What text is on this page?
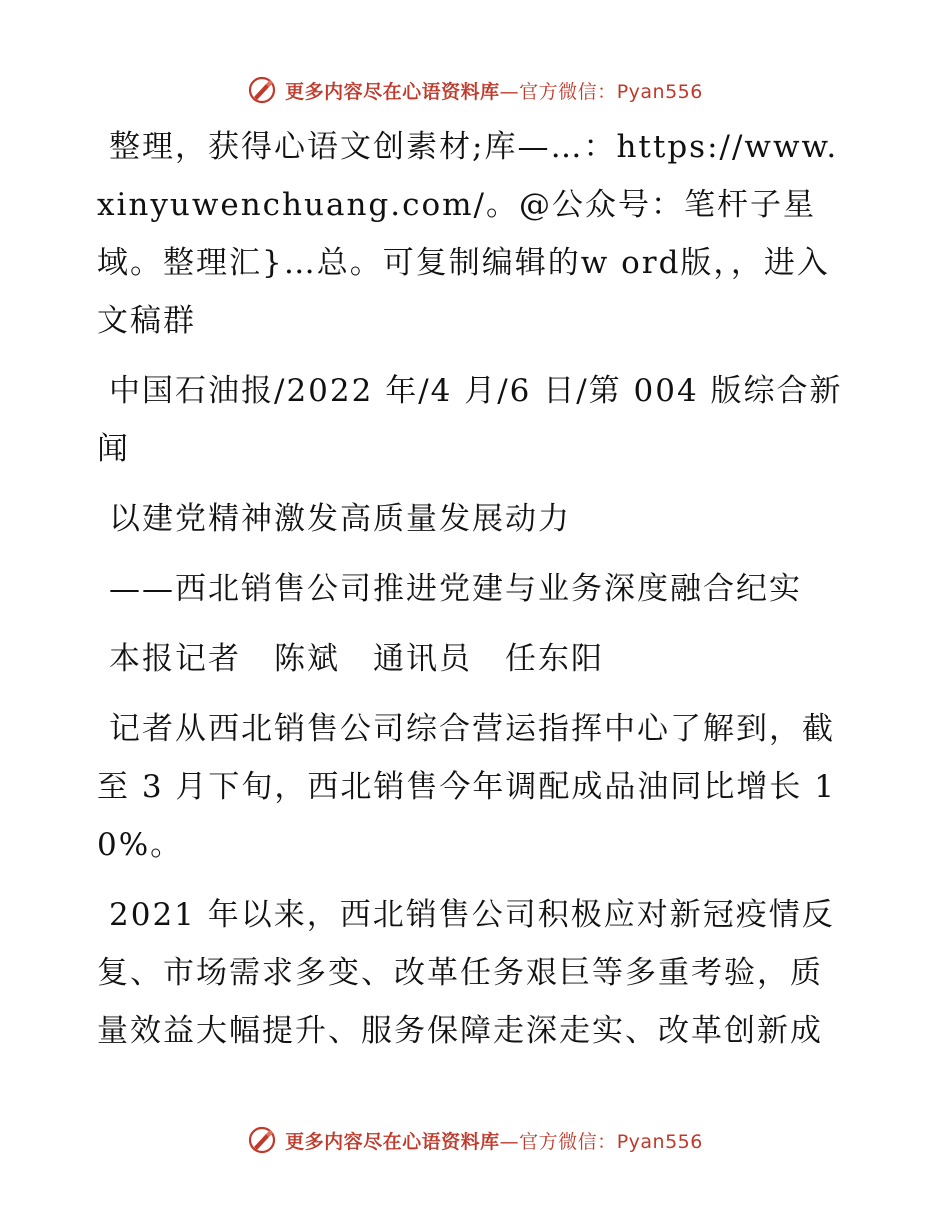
更多内容尽在心语资料库—官方微信：Pyan556

整理，获得心语文创素材;库—…：https://www.xinyuwenchuang.com/。@公众号：笔杆子星域。整理汇}…总。可复制编辑的w ord版，，进入文稿群

中国石油报/2022 年/4 月/6 日/第 004 版综合新闻

以建党精神激发高质量发展动力

——西北销售公司推进党建与业务深度融合纪实

本报记者　陈斌　通讯员　任东阳

记者从西北销售公司综合营运指挥中心了解到，截至 3 月下旬，西北销售今年调配成品油同比增长 10%。

2021 年以来，西北销售公司积极应对新冠疫情反复、市场需求多变、改革任务艰巨等多重考验，质量效益大幅提升、服务保障走深走实、改革创新成

更多内容尽在心语资料库—官方微信：Pyan556
